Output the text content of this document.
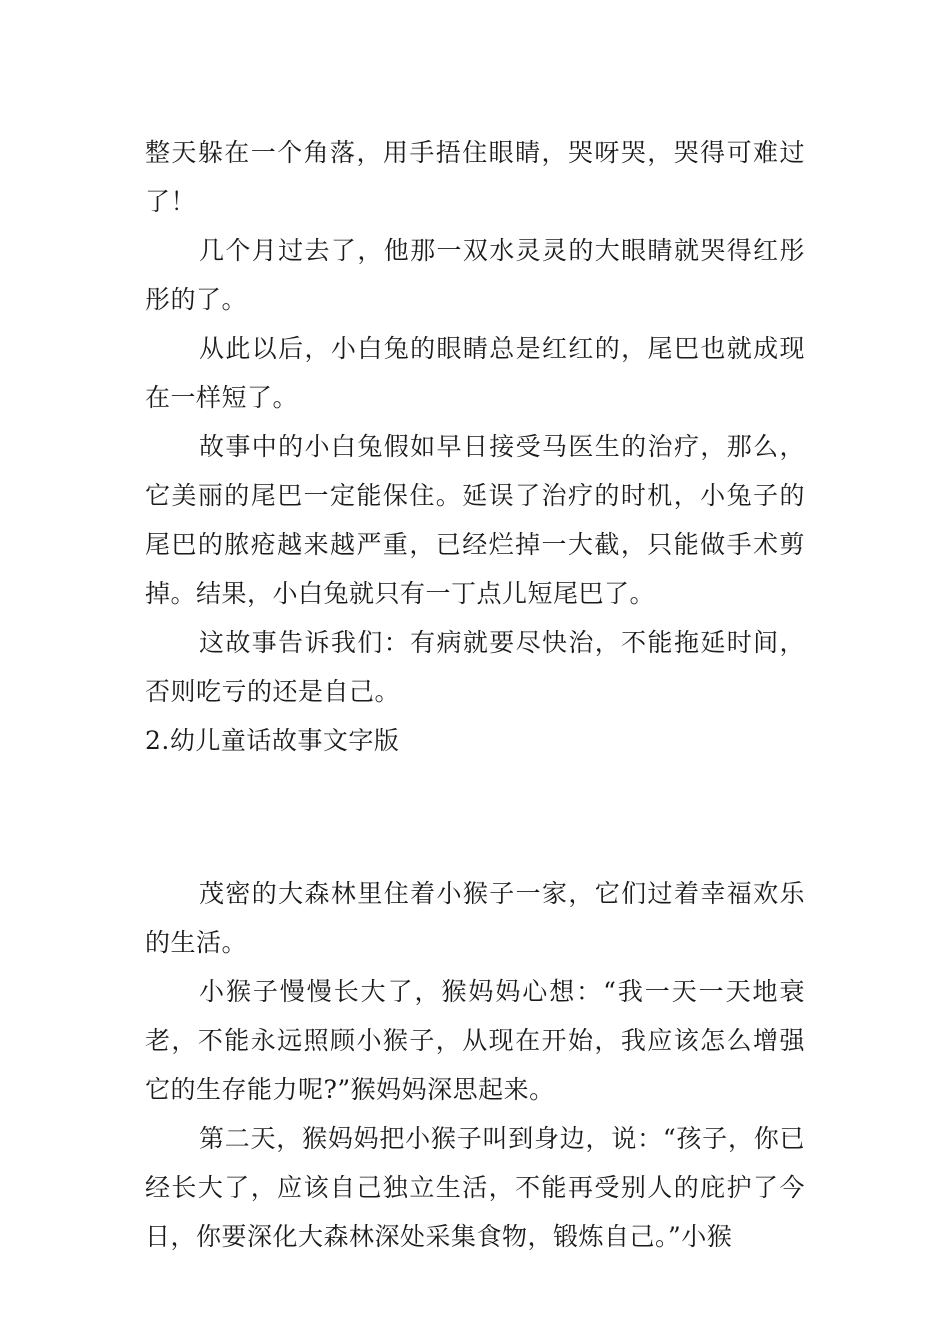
整天躲在一个角落，用手捂住眼睛，哭呀哭，哭得可难过了！

几个月过去了，他那一双水灵灵的大眼睛就哭得红彤彤的了。

从此以后，小白兔的眼睛总是红红的，尾巴也就成现在一样短了。

故事中的小白兔假如早日接受马医生的治疗，那么，它美丽的尾巴一定能保住。延误了治疗的时机，小兔子的尾巴的脓疮越来越严重，已经烂掉一大截，只能做手术剪掉。结果，小白兔就只有一丁点儿短尾巴了。

这故事告诉我们：有病就要尽快治，不能拖延时间，否则吃亏的还是自己。

2.幼儿童话故事文字版

茂密的大森林里住着小猴子一家，它们过着幸福欢乐的生活。

小猴子慢慢长大了，猴妈妈心想：“我一天一天地衰老，不能永远照顾小猴子，从现在开始，我应该怎么增强它的生存能力呢?”猴妈妈深思起来。

第二天，猴妈妈把小猴子叫到身边，说：“孩子，你已经长大了，应该自己独立生活，不能再受别人的庇护了今日，你要深化大森林深处采集食物，锻炼自己。”小猴
